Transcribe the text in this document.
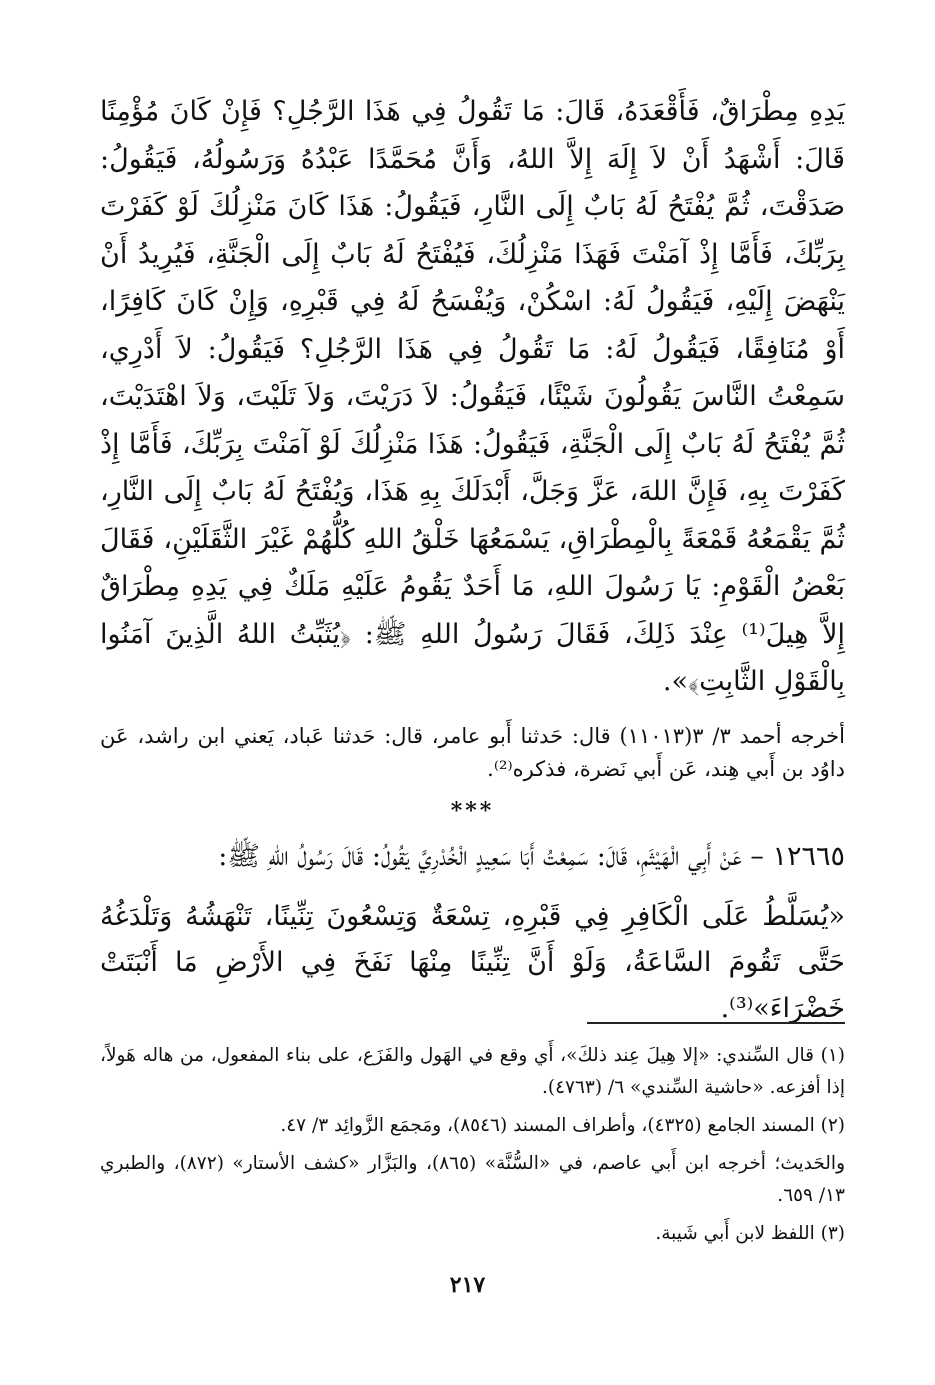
يَدِهِ مِطْرَاقٌ، فَأَقْعَدَهُ، قَالَ: مَا تَقُولُ فِي هَذَا الرَّجُلِ؟ فَإِنْ كَانَ مُؤْمِنًا قَالَ: أَشْهَدُ أَنْ لاَ إِلَهَ إِلاَّ اللهُ، وَأَنَّ مُحَمَّدًا عَبْدُهُ وَرَسُولُهُ، فَيَقُولُ: صَدَقْتَ، ثُمَّ يُفْتَحُ لَهُ بَابٌ إِلَى النَّارِ، فَيَقُولُ: هَذَا كَانَ مَنْزِلُكَ لَوْ كَفَرْتَ بِرَبِّكَ، فَأَمَّا إِذْ آمَنْتَ فَهَذَا مَنْزِلُكَ، فَيُفْتَحُ لَهُ بَابٌ إِلَى الْجَنَّةِ، فَيُرِيدُ أَنْ يَنْهَضَ إِلَيْهِ، فَيَقُولُ لَهُ: اسْكُنْ، وَيُفْسَحُ لَهُ فِي قَبْرِهِ، وَإِنْ كَانَ كَافِرًا، أَوْ مُنَافِقًا، فَيَقُولُ لَهُ: مَا تَقُولُ فِي هَذَا الرَّجُلِ؟ فَيَقُولُ: لاَ أَدْرِي، سَمِعْتُ النَّاسَ يَقُولُونَ شَيْئًا، فَيَقُولُ: لاَ دَرَيْتَ، وَلاَ تَلَيْتَ، وَلاَ اهْتَدَيْتَ، ثُمَّ يُفْتَحُ لَهُ بَابٌ إِلَى الْجَنَّةِ، فَيَقُولُ: هَذَا مَنْزِلُكَ لَوْ آمَنْتَ بِرَبِّكَ، فَأَمَّا إِذْ كَفَرْتَ بِهِ، فَإِنَّ اللهَ، عَزَّ وَجَلَّ، أَبْدَلَكَ بِهِ هَذَا، وَيُفْتَحُ لَهُ بَابٌ إِلَى النَّارِ، ثُمَّ يَقْمَعُهُ قَمْعَةً بِالْمِطْرَاقِ، يَسْمَعُهَا خَلْقُ اللهِ كُلُّهُمْ غَيْرَ الثَّقَلَيْنِ، فَقَالَ بَعْضُ الْقَوْمِ: يَا رَسُولَ اللهِ، مَا أَحَدٌ يَقُومُ عَلَيْهِ مَلَكٌ فِي يَدِهِ مِطْرَاقٌ إِلاَّ هِيلَ⁽¹⁾ عِنْدَ ذَلِكَ، فَقَالَ رَسُولُ اللهِ ﷺ: ﴿يُثَبِّتُ اللهُ الَّذِينَ آمَنُوا بِالْقَوْلِ الثَّابِتِ﴾».

أخرجه أحمد ٣/ ٣(١١٠١٣) قال: حَدثنا أَبو عامر، قال: حَدثنا عَباد، يَعني ابن راشد، عَن داوُد بن أَبي هِند، عَن أَبي نَضرة، فذكره⁽²⁾.

***

١٢٦٦٥ – عَنْ أَبِي الْهَيْثَمِ، قَالَ: سَمِعْتُ أَبَا سَعِيدٍ الْخُدْرِيَّ يَقُولُ: قَالَ رَسُولُ اللهِ ﷺ:

«يُسَلَّطُ عَلَى الْكَافِرِ فِي قَبْرِهِ، تِسْعَةٌ وَتِسْعُونَ تِنِّينًا، تَنْهَشُهُ وَتَلْدَغُهُ حَتَّى تَقُومَ السَّاعَةُ، وَلَوْ أَنَّ تِنِّينًا مِنْهَا نَفَخَ فِي الأَرْضِ مَا أَنْبَتَتْ خَضْرَاءَ»⁽³⁾.

(١) قال السِّندي: «إلا هِيلَ عِند ذلكَ»، أَي وقع في الهَول والفَزَع، على بناء المفعول، من هاله هَولاً، إذا أفزعه. «حاشية السِّندي» ٦/ (٤٧٦٣).

(٢) المسند الجامع (٤٣٢٥)، وأطراف المسند (٨٥٤٦)، ومَجمَع الزَّوائِد ٣/ ٤٧.

والحَديث؛ أخرجه ابن أَبي عاصم، في «السُّنَّة» (٨٦٥)، والبَزَّار «كشف الأستار» (٨٧٢)، والطبري ١٣/ ٦٥٩.

(٣) اللفظ لابن أَبي شَيبة.

٢١٧
